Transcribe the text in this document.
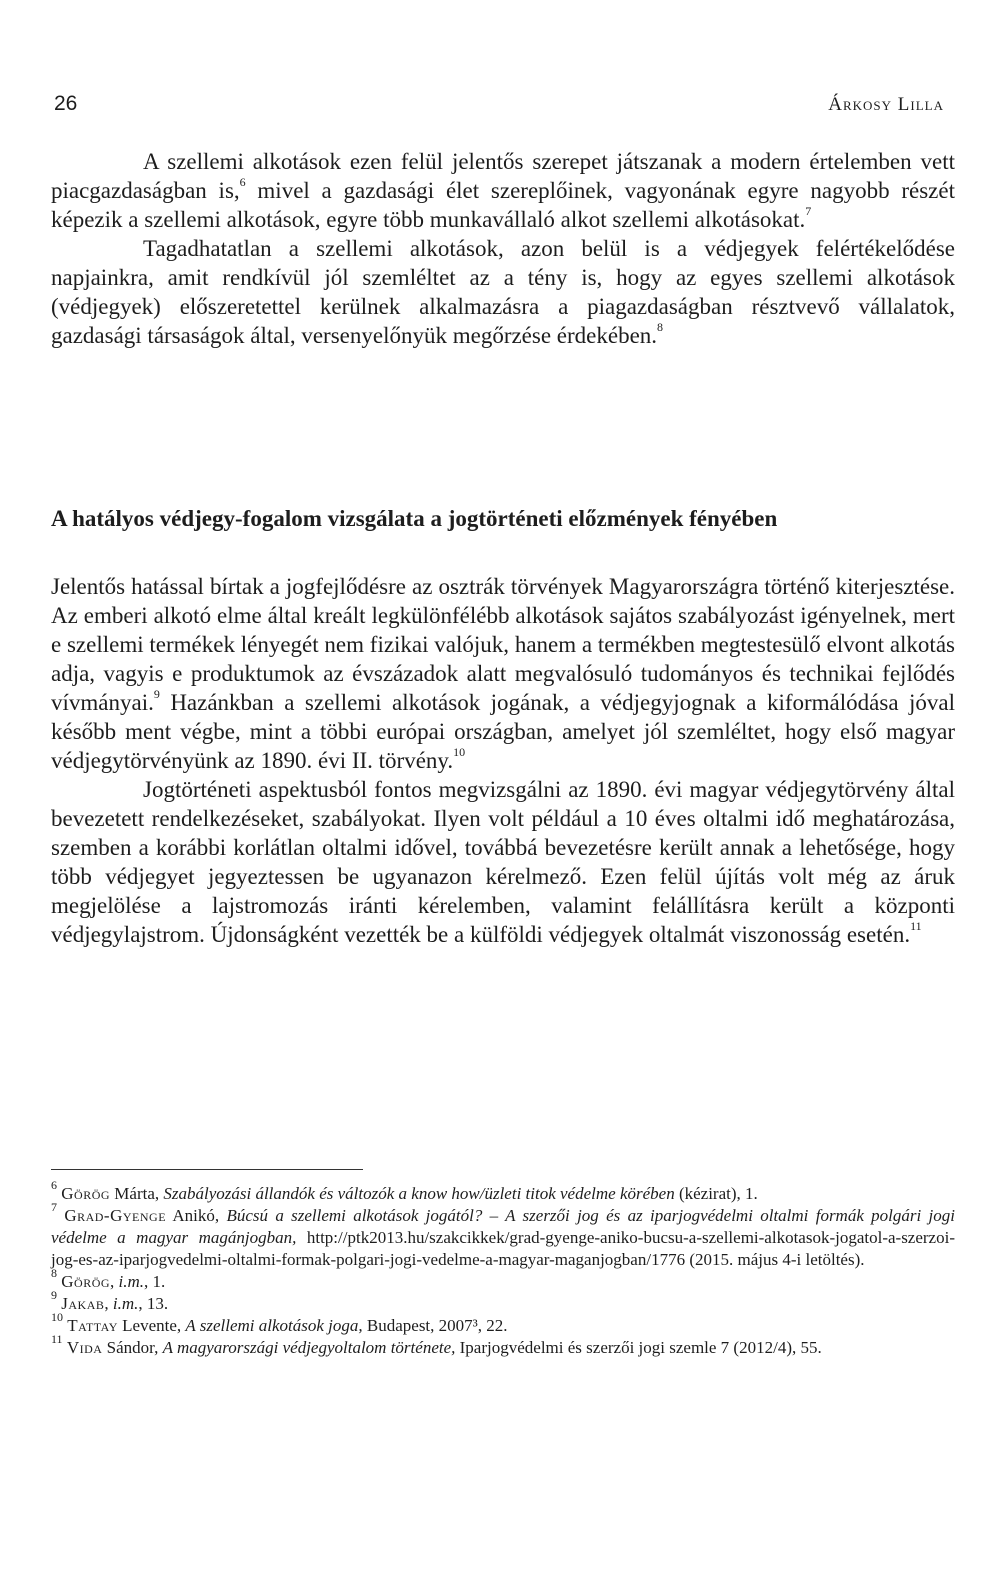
26	Árkosy Lilla

A szellemi alkotások ezen felül jelentős szerepet játszanak a modern értelemben vett piacgazdaságban is,$^6$ mivel a gazdasági élet szereplőinek, vagyonának egyre nagyobb részét képezik a szellemi alkotások, egyre több munkavállaló alkot szellemi alkotásokat.$^7$

Tagadhatatlan a szellemi alkotások, azon belül is a védjegyek felértékelődése napjainkra, amit rendkívül jól szemléltet az a tény is, hogy az egyes szellemi alkotások (védjegyek) előszeretettel kerülnek alkalmazásra a piagazdaságban résztvevő vállalatok, gazdasági társaságok által, versenyelőnyük megőrzése érdekében.$^8$

A hatályos védjegy-fogalom vizsgálata a jogtörténeti előzmények fényében

Jelentős hatással bírtak a jogfejlődésre az osztrák törvények Magyarországra történő kiterjesztése. Az emberi alkotó elme által kreált legkülönfélébb alkotások sajátos szabályozást igényelnek, mert e szellemi termékek lényegét nem fizikai valójuk, hanem a termékben megtestesülő elvont alkotás adja, vagyis e produktumok az évszázadok alatt megvalósuló tudományos és technikai fejlődés vívmányai.$^9$ Hazánkban a szellemi alkotások jogának, a védjegyjognak a kiformálódása jóval később ment végbe, mint a többi európai országban, amelyet jól szemléltet, hogy első magyar védjegytörvényünk az 1890. évi II. törvény.$^{10}$

Jogtörténeti aspektusból fontos megvizsgálni az 1890. évi magyar védjegytörvény által bevezetett rendelkezéseket, szabályokat. Ilyen volt például a 10 éves oltalmi idő meghatározása, szemben a korábbi korlátlan oltalmi idővel, továbbá bevezetésre került annak a lehetősége, hogy több védjegyet jegyeztessen be ugyanazon kérelmező. Ezen felül újítás volt még az áruk megjelölése a lajstromozás iránti kérelemben, valamint felállításra került a központi védjegylajstrom. Újdonságként vezették be a külföldi védjegyek oltalmát viszonosság esetén.$^{11}$

$^6$ Görög Márta, Szabályozási állandók és változók a know how/üzleti titok védelme körében (kézirat), 1.

$^7$ Grad-Gyenge Anikó, Búcsú a szellemi alkotások jogától? – A szerzői jog és az iparjogvédelmi oltalmi formák polgári jogi védelme a magyar magánjogban, http://ptk2013.hu/szakcikkek/grad-gyenge-aniko-bucsu-a-szellemi-alkotasok-jogatol-a-szerzoi-jog-es-az-iparjogvedelmi-oltalmi-formak-polgari-jogi-vedelme-a-magyar-maganjogban/1776 (2015. május 4-i letöltés).

$^8$ Görög, i.m., 1.

$^9$ Jakab, i.m., 13.

$^{10}$ Tattay Levente, A szellemi alkotások joga, Budapest, 2007³, 22.

$^{11}$ Vida Sándor, A magyarországi védjegyoltalom története, Iparjogvédelmi és szerzői jogi szemle 7 (2012/4), 55.
